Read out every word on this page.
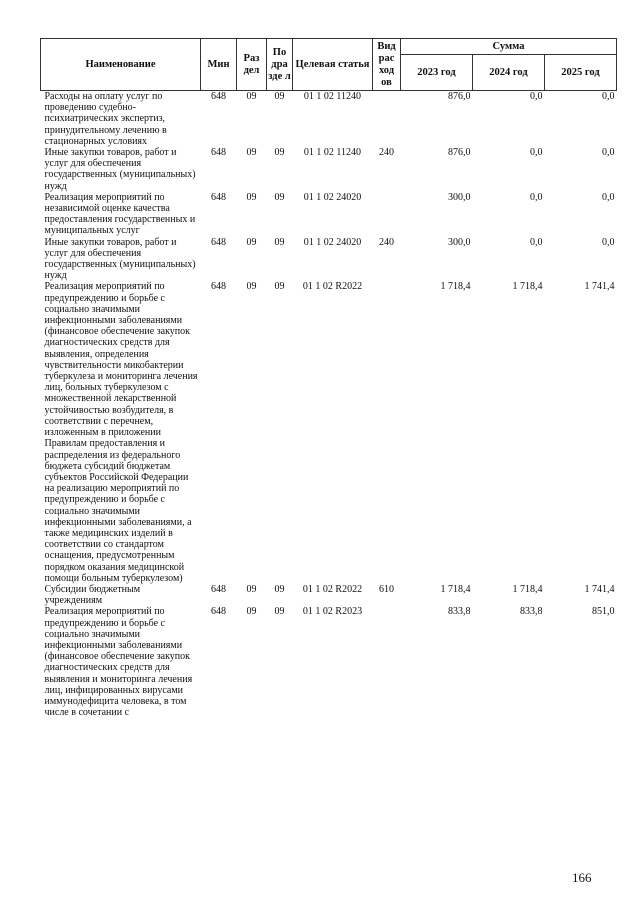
Наименование	Мин	Раз дел	По дра зде л	Целевая статья	Вид рас ход ов	Сумма		
						2023 год	2024 год	2025 год
Расходы на оплату услуг по проведению судебно-психиатрических экспертиз, принудительному лечению в стационарных условиях	648	09	09	01 1 02 11240		876,0	0,0	0,0
Иные закупки товаров, работ и услуг для обеспечения государственных (муниципальных) нужд	648	09	09	01 1 02 11240	240	876,0	0,0	0,0
Реализация мероприятий по независимой оценке качества предоставления государственных и муниципальных услуг	648	09	09	01 1 02 24020		300,0	0,0	0,0
Иные закупки товаров, работ и услуг для обеспечения государственных (муниципальных) нужд	648	09	09	01 1 02 24020	240	300,0	0,0	0,0
Реализация мероприятий по предупреждению и борьбе с социально значимыми инфекционными заболеваниями (финансовое обеспечение закупок диагностических средств для выявления, определения чувствительности микобактерии туберкулеза и мониторинга лечения лиц, больных туберкулезом с множественной лекарственной устойчивостью возбудителя, в соответствии с перечнем, изложенным в приложении Правилам предоставления и распределения из федерального бюджета субсидий бюджетам субъектов Российской Федерации на реализацию мероприятий по предупреждению и борьбе с социально значимыми инфекционными заболеваниями, а также медицинских изделий в соответствии со стандартом оснащения, предусмотренным порядком оказания медицинской помощи больным туберкулезом)	648	09	09	01 1 02 R2022		1 718,4	1 718,4	1 741,4
Субсидии бюджетным учреждениям	648	09	09	01 1 02 R2022	610	1 718,4	1 718,4	1 741,4
Реализация мероприятий по предупреждению и борьбе с социально значимыми инфекционными заболеваниями (финансовое обеспечение закупок диагностических средств для выявления и мониторинга лечения лиц, инфицированных вирусами иммунодефицита человека, в том числе в сочетании с	648	09	09	01 1 02 R2023		833,8	833,8	851,0
166
